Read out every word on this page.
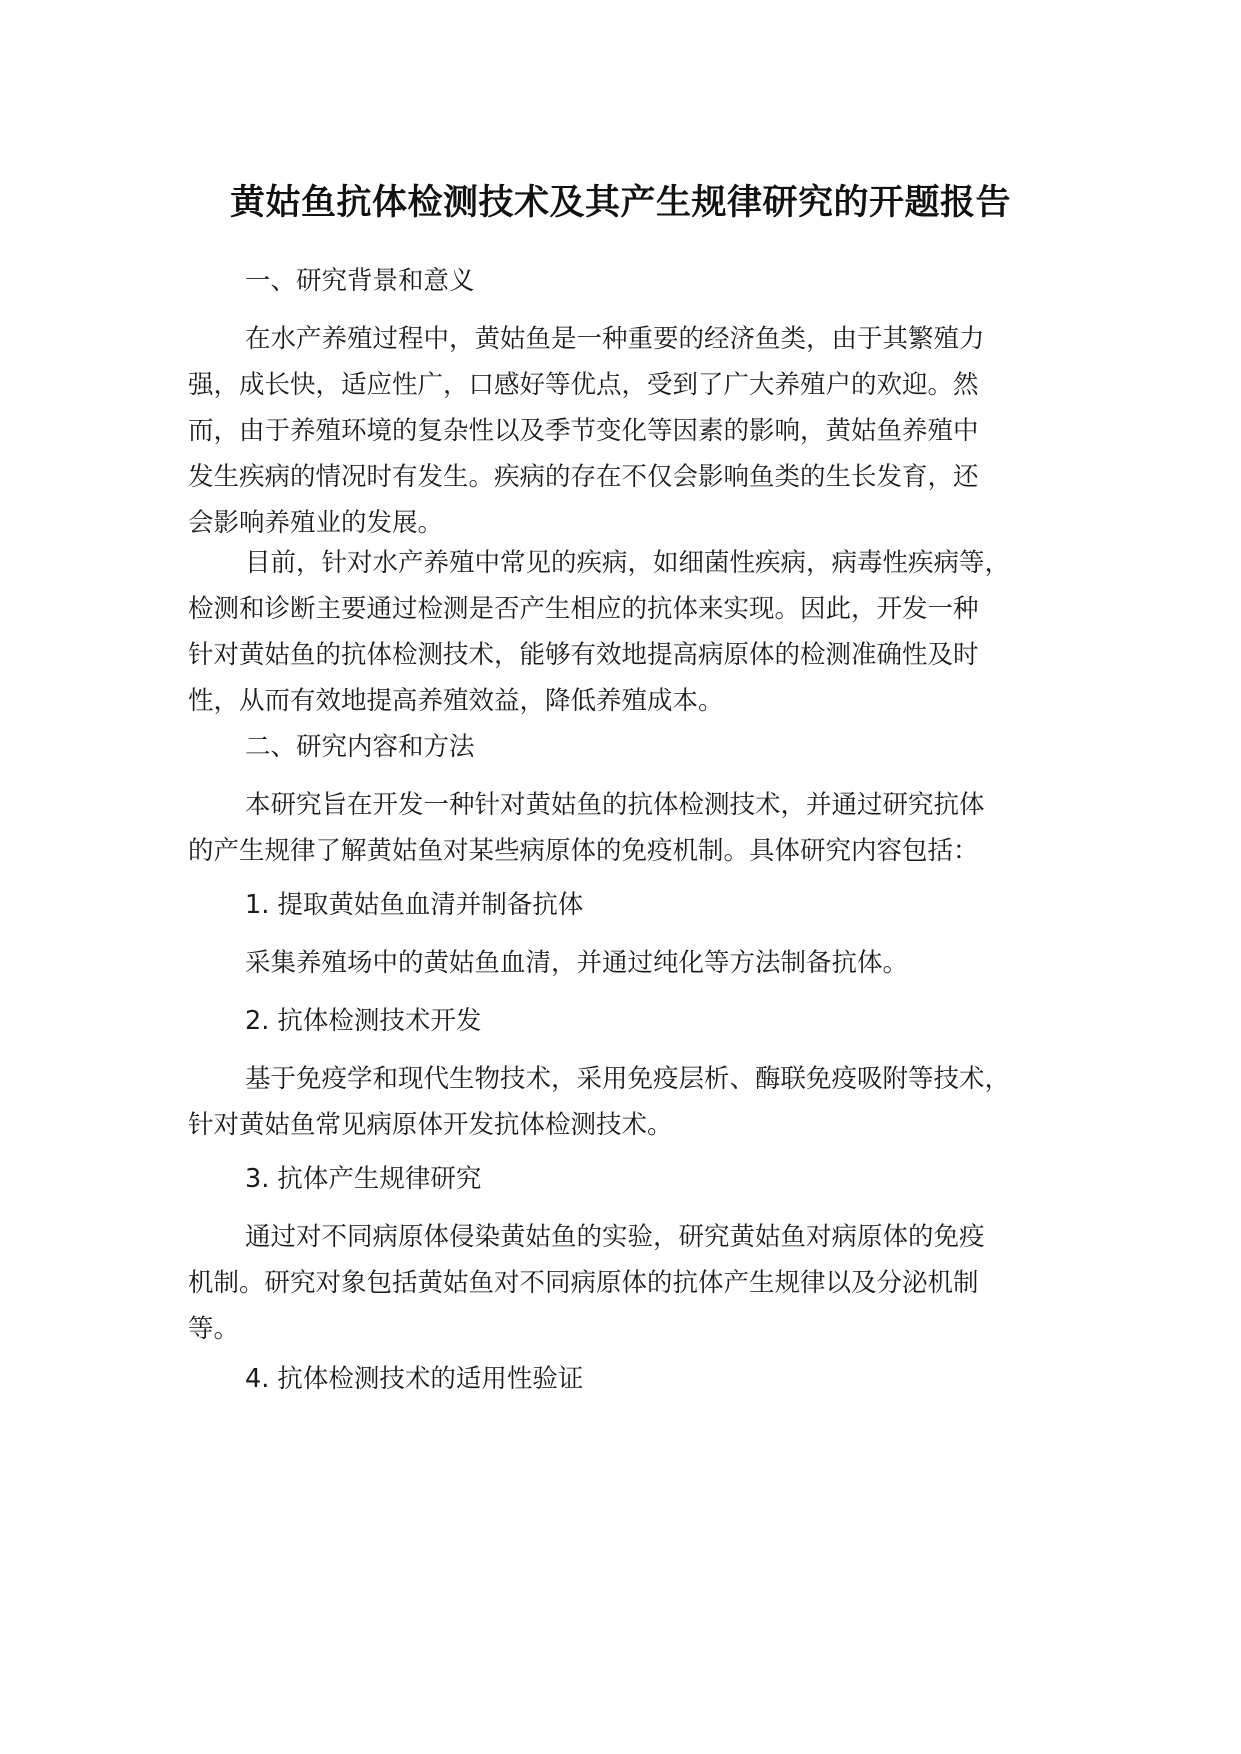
黄姑鱼抗体检测技术及其产生规律研究的开题报告
一、研究背景和意义
在水产养殖过程中，黄姑鱼是一种重要的经济鱼类，由于其繁殖力
强，成长快，适应性广，口感好等优点，受到了广大养殖户的欢迎。然
而，由于养殖环境的复杂性以及季节变化等因素的影响，黄姑鱼养殖中
发生疾病的情况时有发生。疾病的存在不仅会影响鱼类的生长发育，还
会影响养殖业的发展。
目前，针对水产养殖中常见的疾病，如细菌性疾病，病毒性疾病等，
检测和诊断主要通过检测是否产生相应的抗体来实现。因此，开发一种
针对黄姑鱼的抗体检测技术，能够有效地提高病原体的检测准确性及时
性，从而有效地提高养殖效益，降低养殖成本。
二、研究内容和方法
本研究旨在开发一种针对黄姑鱼的抗体检测技术，并通过研究抗体
的产生规律了解黄姑鱼对某些病原体的免疫机制。具体研究内容包括：
1. 提取黄姑鱼血清并制备抗体
采集养殖场中的黄姑鱼血清，并通过纯化等方法制备抗体。
2. 抗体检测技术开发
基于免疫学和现代生物技术，采用免疫层析、酶联免疫吸附等技术，
针对黄姑鱼常见病原体开发抗体检测技术。
3. 抗体产生规律研究
通过对不同病原体侵染黄姑鱼的实验，研究黄姑鱼对病原体的免疫
机制。研究对象包括黄姑鱼对不同病原体的抗体产生规律以及分泌机制
等。
4. 抗体检测技术的适用性验证
